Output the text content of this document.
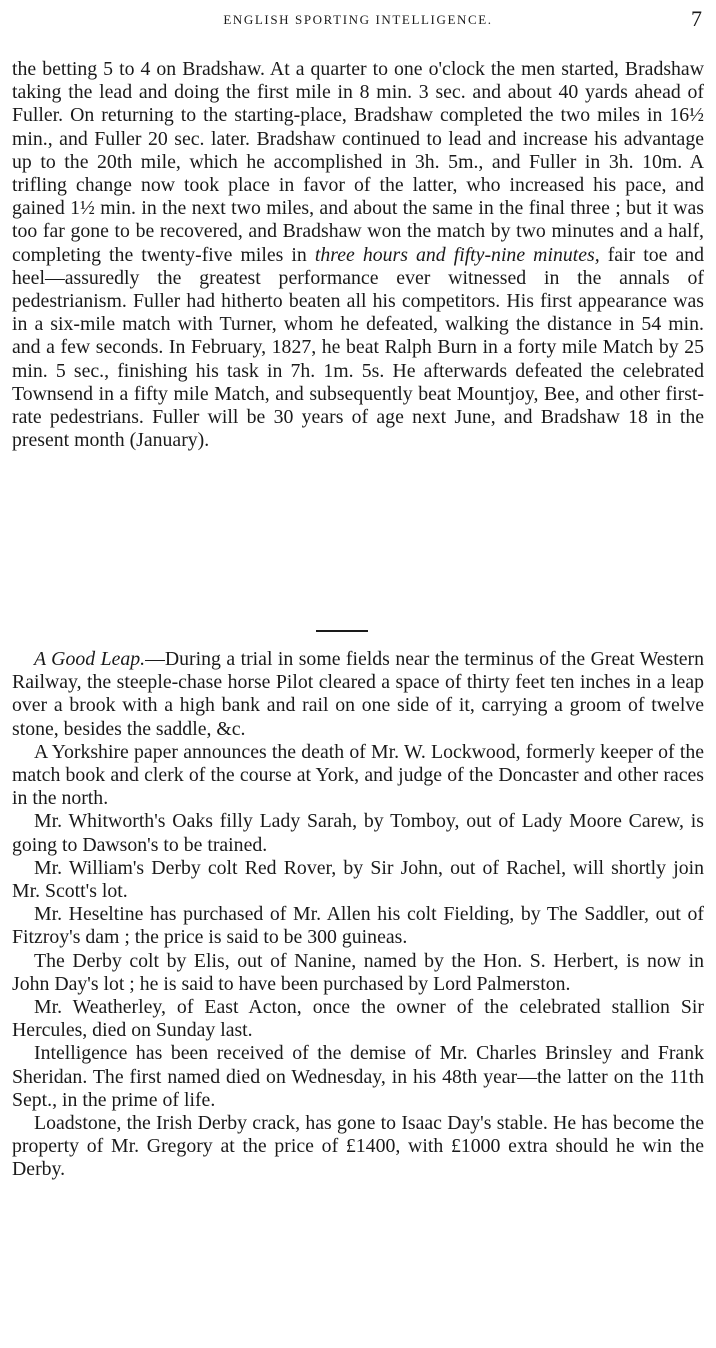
ENGLISH SPORTING INTELLIGENCE.	7

the betting 5 to 4 on Bradshaw. At a quarter to one o'clock the men started, Bradshaw taking the lead and doing the first mile in 8 min. 3 sec. and about 40 yards ahead of Fuller. On returning to the starting-place, Bradshaw completed the two miles in 16½ min., and Fuller 20 sec. later. Bradshaw continued to lead and increase his advantage up to the 20th mile, which he accomplished in 3h. 5m., and Fuller in 3h. 10m. A trifling change now took place in favor of the latter, who increased his pace, and gained 1½ min. in the next two miles, and about the same in the final three ; but it was too far gone to be recovered, and Bradshaw won the match by two minutes and a half, completing the twenty-five miles in three hours and fifty-nine minutes, fair toe and heel—assuredly the greatest performance ever witnessed in the annals of pedestrianism. Fuller had hitherto beaten all his competitors. His first appearance was in a six-mile match with Turner, whom he defeated, walking the distance in 54 min. and a few seconds. In February, 1827, he beat Ralph Burn in a forty mile Match by 25 min. 5 sec., finishing his task in 7h. 1m. 5s. He afterwards defeated the celebrated Townsend in a fifty mile Match, and subsequently beat Mountjoy, Bee, and other first-rate pedestrians. Fuller will be 30 years of age next June, and Bradshaw 18 in the present month (January).

A Good Leap.—During a trial in some fields near the terminus of the Great Western Railway, the steeple-chase horse Pilot cleared a space of thirty feet ten inches in a leap over a brook with a high bank and rail on one side of it, carrying a groom of twelve stone, besides the saddle, &c.

A Yorkshire paper announces the death of Mr. W. Lockwood, formerly keeper of the match book and clerk of the course at York, and judge of the Doncaster and other races in the north.

Mr. Whitworth's Oaks filly Lady Sarah, by Tomboy, out of Lady Moore Carew, is going to Dawson's to be trained.

Mr. William's Derby colt Red Rover, by Sir John, out of Rachel, will shortly join Mr. Scott's lot.

Mr. Heseltine has purchased of Mr. Allen his colt Fielding, by The Saddler, out of Fitzroy's dam ; the price is said to be 300 guineas.

The Derby colt by Elis, out of Nanine, named by the Hon. S. Herbert, is now in John Day's lot ; he is said to have been purchased by Lord Palmerston.

Mr. Weatherley, of East Acton, once the owner of the celebrated stallion Sir Hercules, died on Sunday last.

Intelligence has been received of the demise of Mr. Charles Brinsley and Frank Sheridan. The first named died on Wednesday, in his 48th year—the latter on the 11th Sept., in the prime of life.

Loadstone, the Irish Derby crack, has gone to Isaac Day's stable. He has become the property of Mr. Gregory at the price of £1400, with £1000 extra should he win the Derby.
